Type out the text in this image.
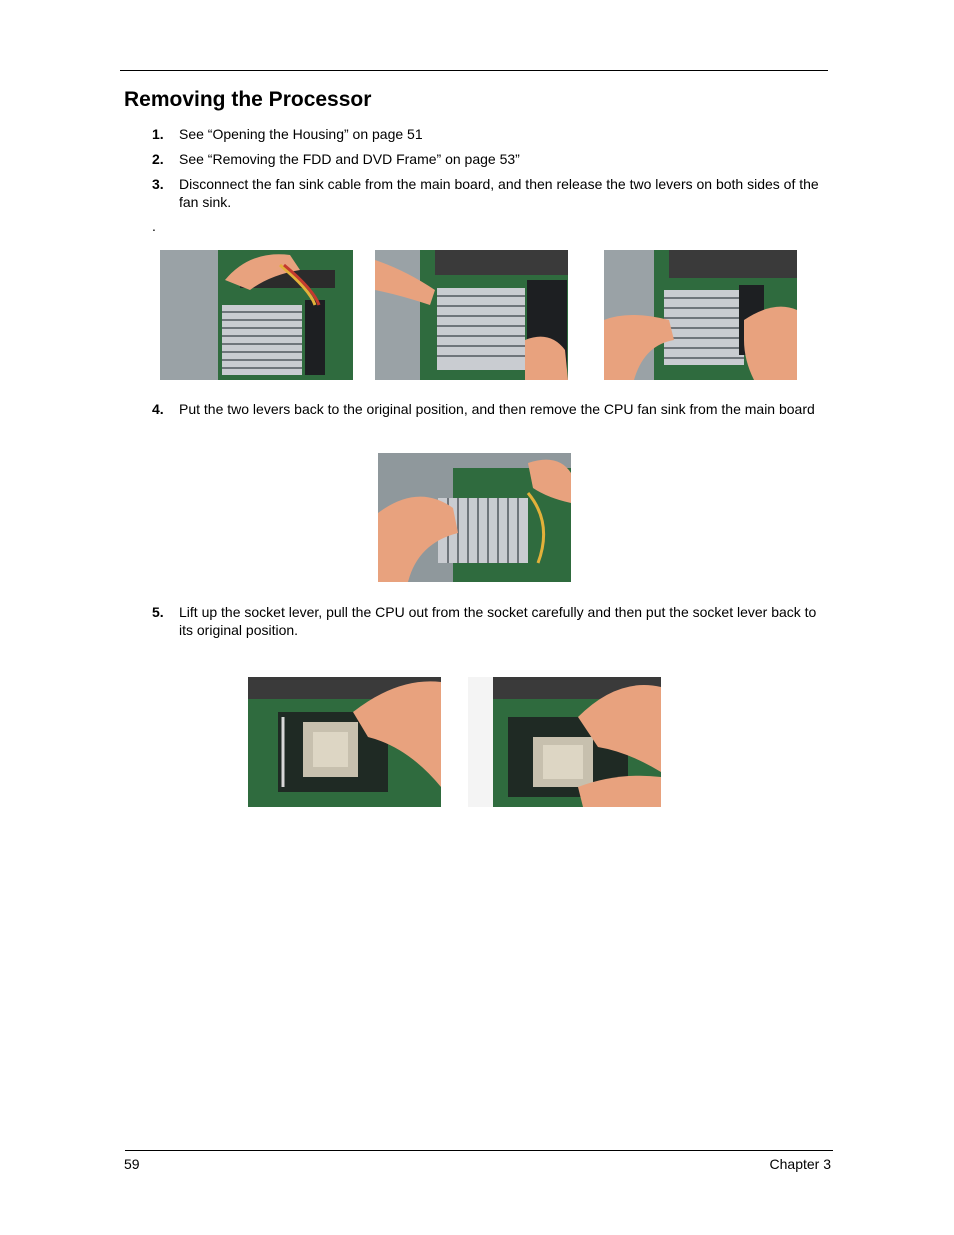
Removing the Processor
1. See “Opening the Housing” on page 51
2. See “Removing the FDD and DVD Frame” on page 53”
3. Disconnect the fan sink cable from the main board, and then release the two levers on both sides of the fan sink.
.
4. Put the two levers back to the original position, and then remove the CPU fan sink from the main board
5. Lift up the socket lever, pull the CPU out from the socket carefully and then put the socket lever back to its original position.
59	Chapter 3
